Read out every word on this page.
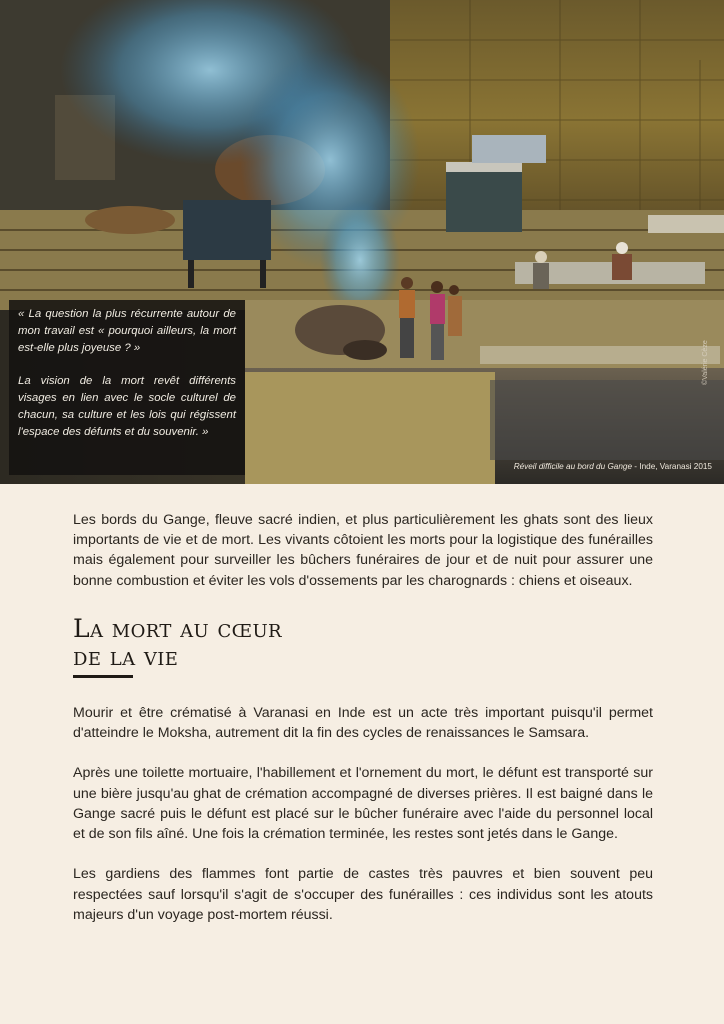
« La question la plus récurrente autour de mon travail est « pourquoi ailleurs, la mort est-elle plus joyeuse ? »

La vision de la mort revêt différents visages en lien avec le socle culturel de chacun, sa culture et les lois qui régissent l'espace des défunts et du souvenir. »

Réveil difficile au bord du Gange - Inde, Varanasi 2015
©Valérie Cèze

Les bords du Gange, fleuve sacré indien, et plus particulièrement les ghats sont des lieux importants de vie et de mort. Les vivants côtoient les morts pour la logistique des funérailles mais également pour surveiller les bûchers funéraires de jour et de nuit pour assurer une bonne combustion et éviter les vols d'ossements par les charognards : chiens et oiseaux.

La mort au cœur
de la vie

Mourir et être crématisé à Varanasi en Inde est un acte très important puisqu'il permet d'atteindre le Moksha, autrement dit la fin des cycles de renaissances le Samsara.

Après une toilette mortuaire, l'habillement et l'ornement du mort, le défunt est transporté sur une bière jusqu'au ghat de crémation accompagné de diverses prières. Il est baigné dans le Gange sacré puis le défunt est placé sur le bûcher funéraire avec l'aide du personnel local et de son fils aîné. Une fois la crémation terminée, les restes sont jetés dans le Gange.

Les gardiens des flammes font partie de castes très pauvres et bien souvent peu respectées sauf lorsqu'il s'agit de s'occuper des funérailles : ces individus sont les atouts majeurs d'un voyage post-mortem réussi.
